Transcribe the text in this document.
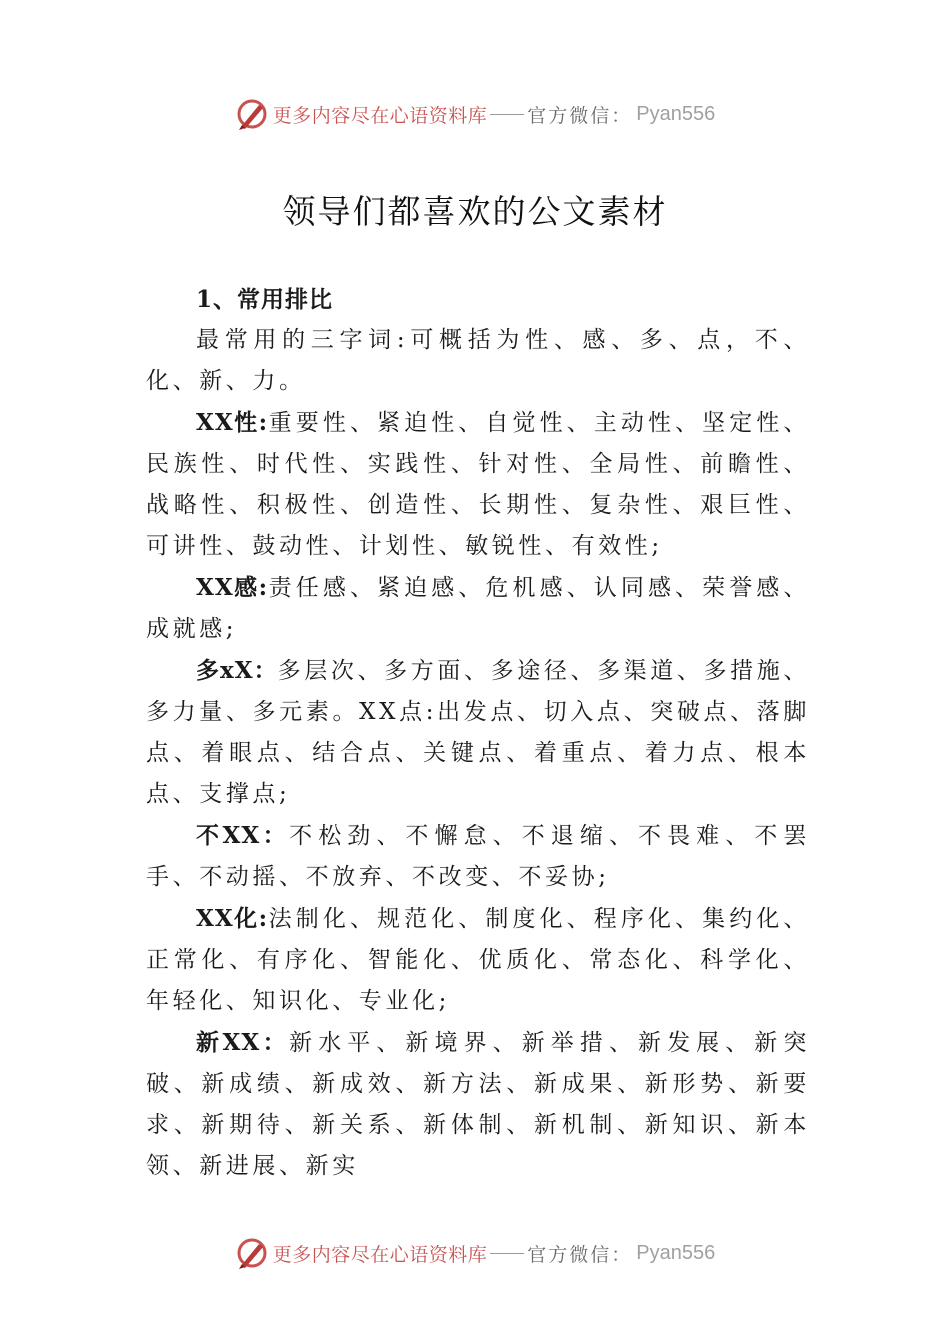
更多内容尽在心语资料库 官方微信： Pyan556
领导们都喜欢的公文素材

1、常用排比

最常用的三字词:可概括为性、感、多、点，不、化、新、力。

XX性:重要性、紧迫性、自觉性、主动性、坚定性、民族性、时代性、实践性、针对性、全局性、前瞻性、战略性、积极性、创造性、长期性、复杂性、艰巨性、可讲性、鼓动性、计划性、敏锐性、有效性;

XX感:责任感、紧迫感、危机感、认同感、荣誉感、成就感;

多xX：多层次、多方面、多途径、多渠道、多措施、多力量、多元素。XX点:出发点、切入点、突破点、落脚点、着眼点、结合点、关键点、着重点、着力点、根本点、支撑点;

不XX：不松劲、不懈怠、不退缩、不畏难、不罢手、不动摇、不放弃、不改变、不妥协;

XX化:法制化、规范化、制度化、程序化、集约化、正常化、有序化、智能化、优质化、常态化、科学化、年轻化、知识化、专业化;

新XX：新水平、新境界、新举措、新发展、新突破、新成绩、新成效、新方法、新成果、新形势、新要求、新期待、新关系、新体制、新机制、新知识、新本领、新进展、新实

更多内容尽在心语资料库 官方微信： Pyan556
